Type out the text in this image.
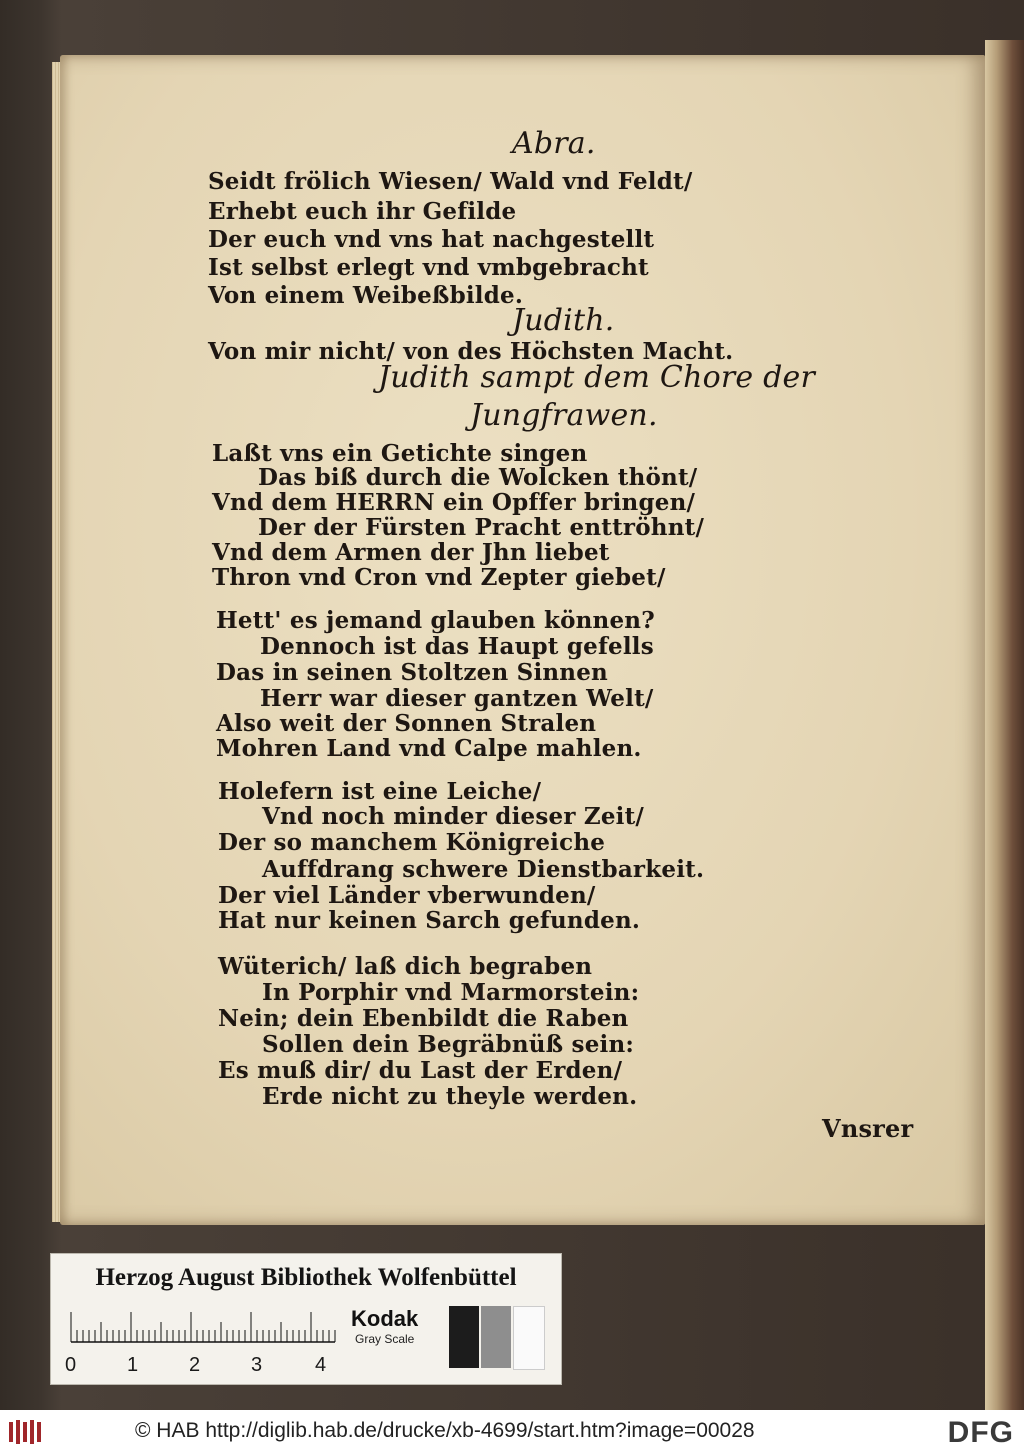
Abra.
Seidt frölich Wiesen/ Wald vnd Feldt/
Erhebt euch ihr Gefilde
Der euch vnd vns hat nachgestellt
Ist selbst erlegt vnd vmbgebracht
Von einem Weibeßbilde.
Judith.
Von mir nicht/ von des Höchsten Macht.
Judith sampt dem Chore der
Jungfrawen.
Laßt vns ein Getichte singen
Das biß durch die Wolcken thönt/
Vnd dem HERRN ein Opffer bringen/
Der der Fürsten Pracht enttröhnt/
Vnd dem Armen der Jhn liebet
Thron vnd Cron vnd Zepter giebet/
Hett' es jemand glauben können?
Dennoch ist das Haupt gefells
Das in seinen Stoltzen Sinnen
Herr war dieser gantzen Welt/
Also weit der Sonnen Stralen
Mohren Land vnd Calpe mahlen.
Holefern ist eine Leiche/
Vnd noch minder dieser Zeit/
Der so manchem Königreiche
Auffdrang schwere Dienstbarkeit.
Der viel Länder vberwunden/
Hat nur keinen Sarch gefunden.
Wüterich/ laß dich begraben
In Porphir vnd Marmorstein:
Nein; dein Ebenbildt die Raben
Sollen dein Begräbnüß sein:
Es muß dir/ du Last der Erden/
Erde nicht zu theyle werden.
Vnsrer
Herzog August Bibliothek Wolfenbüttel
0	1	2	3	4
Kodak
Gray Scale
© HAB http://diglib.hab.de/drucke/xb-4699/start.htm?image=00028	DFG
